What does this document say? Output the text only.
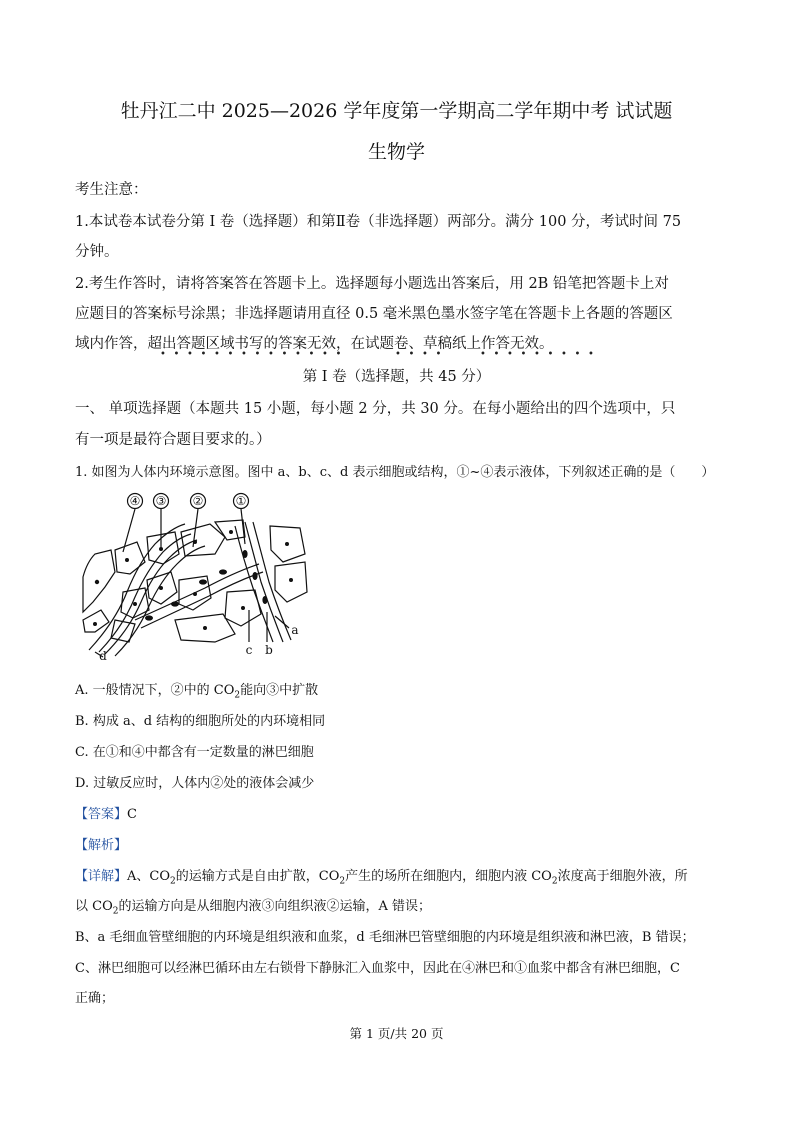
牡丹江二中 2025—2026 学年度第一学期高二学年期中考 试试题
生物学
考生注意：
1.本试卷本试卷分第 I 卷（选择题）和第Ⅱ卷（非选择题）两部分。满分 100 分，考试时间 75
分钟。
2.考生作答时，请将答案答在答题卡上。选择题每小题选出答案后，用 2B 铅笔把答题卡上对
应题目的答案标号涂黑；非选择题请用直径 0.5 毫米黑色墨水签字笔在答题卡上各题的答题区
域内作答，超出答题区域书写的答案无效，在试题卷、草稿纸上作答无效。
••••••••••••••	••••	•••••••••
第 I 卷（选择题，共 45 分）
一、 单项选择题（本题共 15 小题，每小题 2 分，共 30 分。在每小题给出的四个选项中，只
有一项是最符合题目要求的。）
1. 如图为人体内环境示意图。图中 a、b、c、d 表示细胞或结构，①~④表示液体，下列叙述正确的是（　　）
④ ③ ②	①
a
b
c
d
A. 一般情况下，②中的 $CO_2$能向③中扩散
B. 构成 a、d 结构的细胞所处的内环境相同
C. 在①和④中都含有一定数量的淋巴细胞
D. 过敏反应时，人体内②处的液体会减少
【答案】C
【解析】
【详解】A、$CO_2$的运输方式是自由扩散，$CO_2$产生的场所在细胞内，细胞内液 $CO_2$浓度高于细胞外液，所
以 $CO_2$的运输方向是从细胞内液③向组织液②运输，A 错误；
B、a 毛细血管壁细胞的内环境是组织液和血浆，d 毛细淋巴管壁细胞的内环境是组织液和淋巴液，B 错误；
C、淋巴细胞可以经淋巴循环由左右锁骨下静脉汇入血浆中，因此在④淋巴和①血浆中都含有淋巴细胞，C
正确；
第 1 页/共 20 页
